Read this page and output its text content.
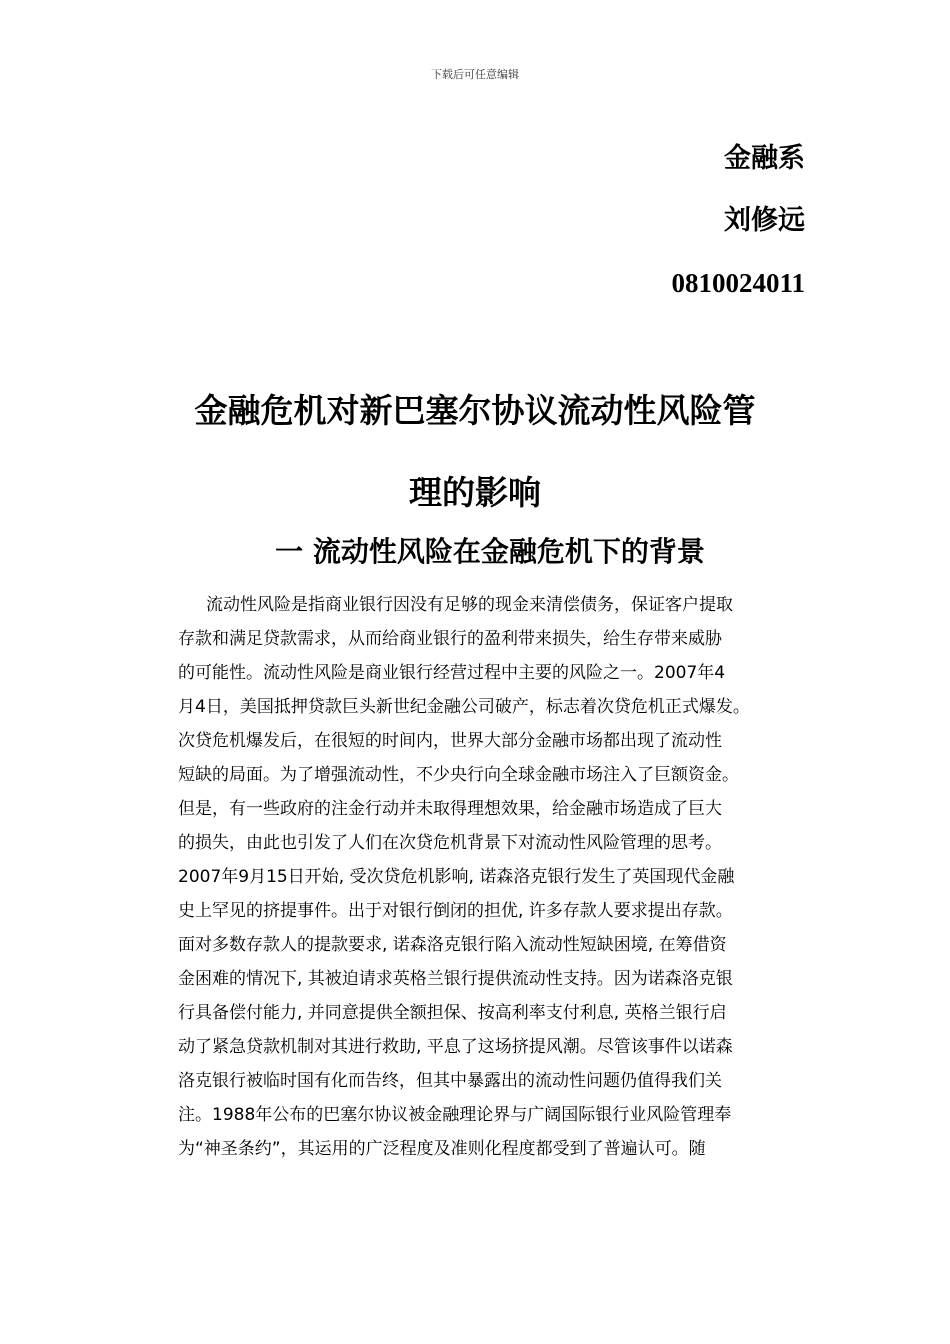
下载后可任意编辑
金融系
刘修远
0810024011
金融危机对新巴塞尔协议流动性风险管
理的影响
一 流动性风险在金融危机下的背景
流动性风险是指商业银行因没有足够的现金来清偿债务，保证客户提取
存款和满足贷款需求，从而给商业银行的盈利带来损失，给生存带来威胁
的可能性。流动性风险是商业银行经营过程中主要的风险之一。2007年4
月4日，美国抵押贷款巨头新世纪金融公司破产，标志着次贷危机正式爆发。
次贷危机爆发后，在很短的时间内，世界大部分金融市场都出现了流动性
短缺的局面。为了增强流动性，不少央行向全球金融市场注入了巨额资金。
但是，有一些政府的注金行动并未取得理想效果，给金融市场造成了巨大
的损失，由此也引发了人们在次贷危机背景下对流动性风险管理的思考。
2007年9月15日开始, 受次贷危机影响, 诺森洛克银行发生了英国现代金融
史上罕见的挤提事件。出于对银行倒闭的担优, 许多存款人要求提出存款。
面对多数存款人的提款要求, 诺森洛克银行陷入流动性短缺困境, 在筹借资
金困难的情况下, 其被迫请求英格兰银行提供流动性支持。因为诺森洛克银
行具备偿付能力, 并同意提供全额担保、按高利率支付利息, 英格兰银行启
动了紧急贷款机制对其进行救助, 平息了这场挤提风潮。尽管该事件以诺森
洛克银行被临时国有化而告终，但其中暴露出的流动性问题仍值得我们关
注。1988年公布的巴塞尔协议被金融理论界与广阔国际银行业风险管理奉
为“神圣条约”，其运用的广泛程度及准则化程度都受到了普遍认可。随
